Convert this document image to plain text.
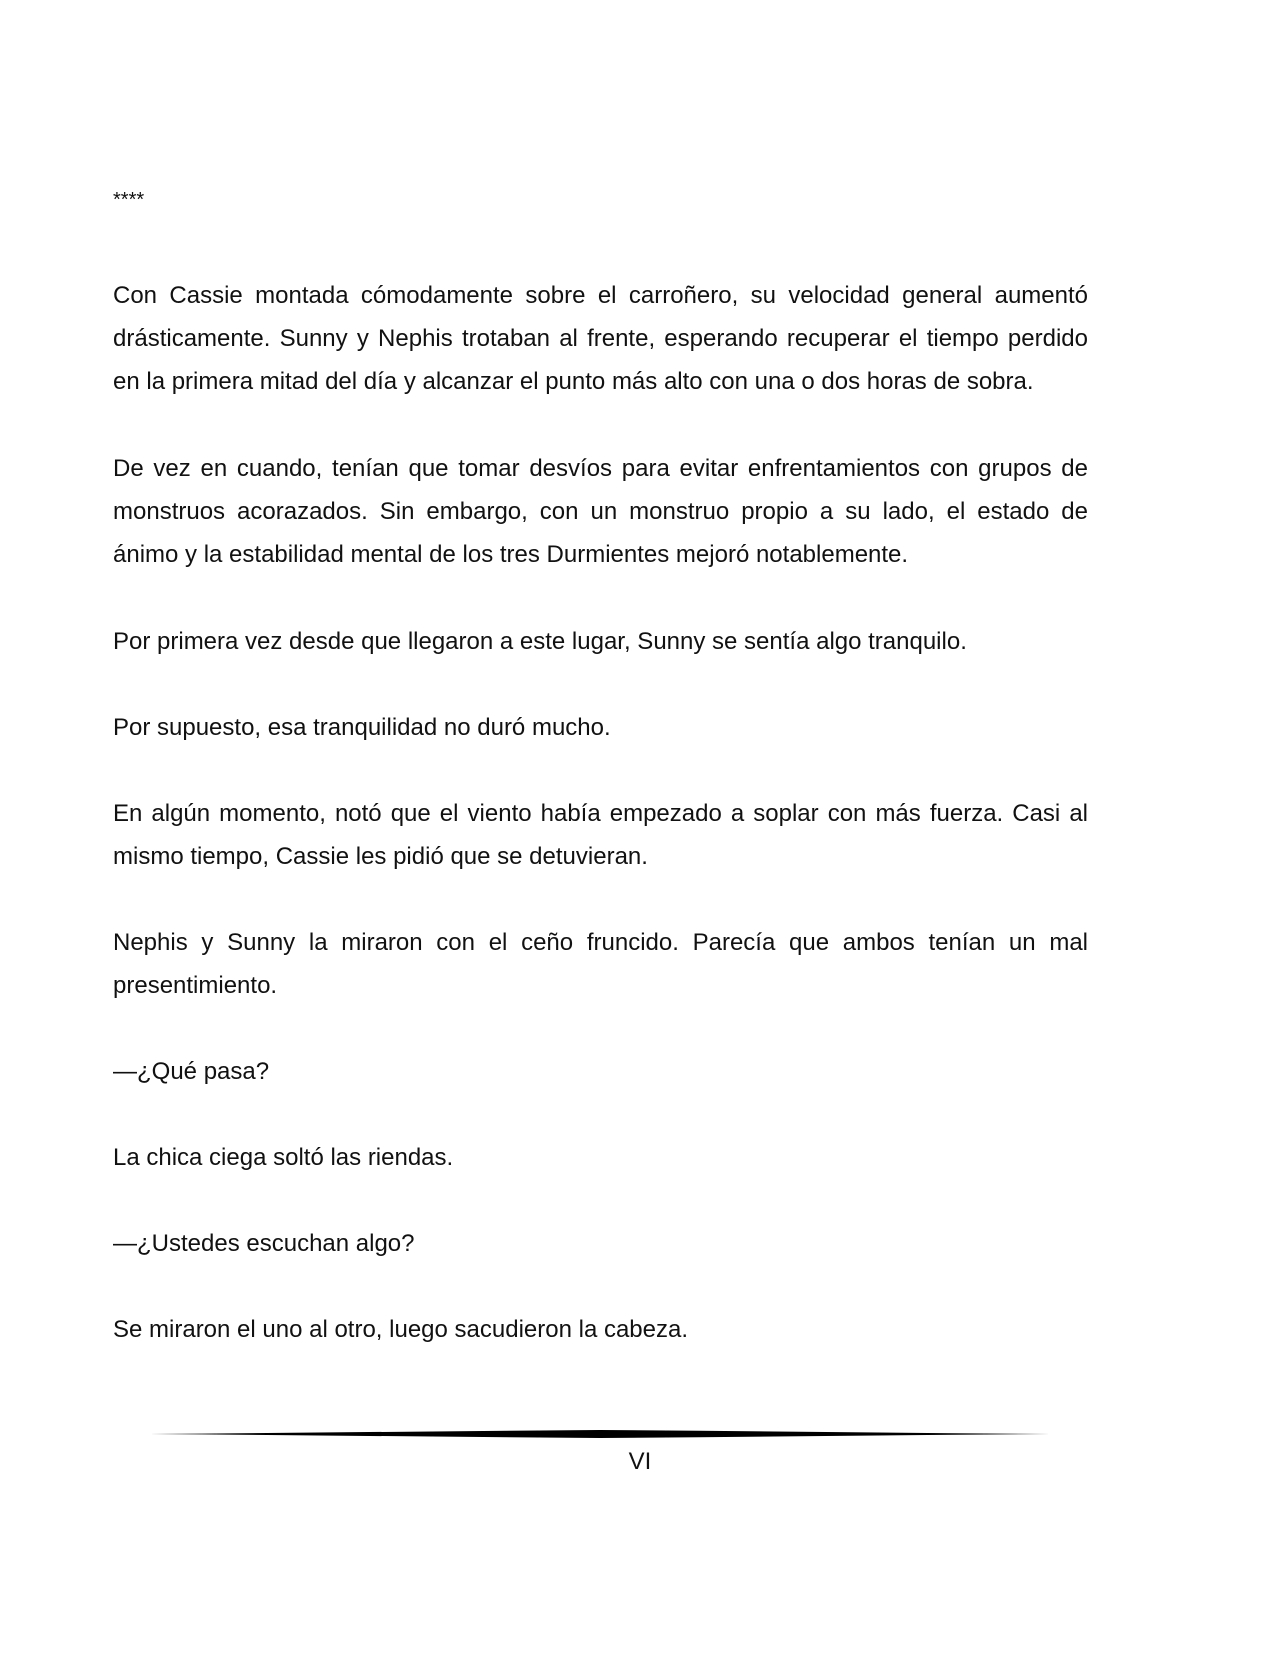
****

Con Cassie montada cómodamente sobre el carroñero, su velocidad general aumentó drásticamente. Sunny y Nephis trotaban al frente, esperando recuperar el tiempo perdido en la primera mitad del día y alcanzar el punto más alto con una o dos horas de sobra.

De vez en cuando, tenían que tomar desvíos para evitar enfrentamientos con grupos de monstruos acorazados. Sin embargo, con un monstruo propio a su lado, el estado de ánimo y la estabilidad mental de los tres Durmientes mejoró notablemente.

Por primera vez desde que llegaron a este lugar, Sunny se sentía algo tranquilo.

Por supuesto, esa tranquilidad no duró mucho.

En algún momento, notó que el viento había empezado a soplar con más fuerza. Casi al mismo tiempo, Cassie les pidió que se detuvieran.

Nephis y Sunny la miraron con el ceño fruncido. Parecía que ambos tenían un mal presentimiento.

—¿Qué pasa?

La chica ciega soltó las riendas.

—¿Ustedes escuchan algo?

Se miraron el uno al otro, luego sacudieron la cabeza.

VI
